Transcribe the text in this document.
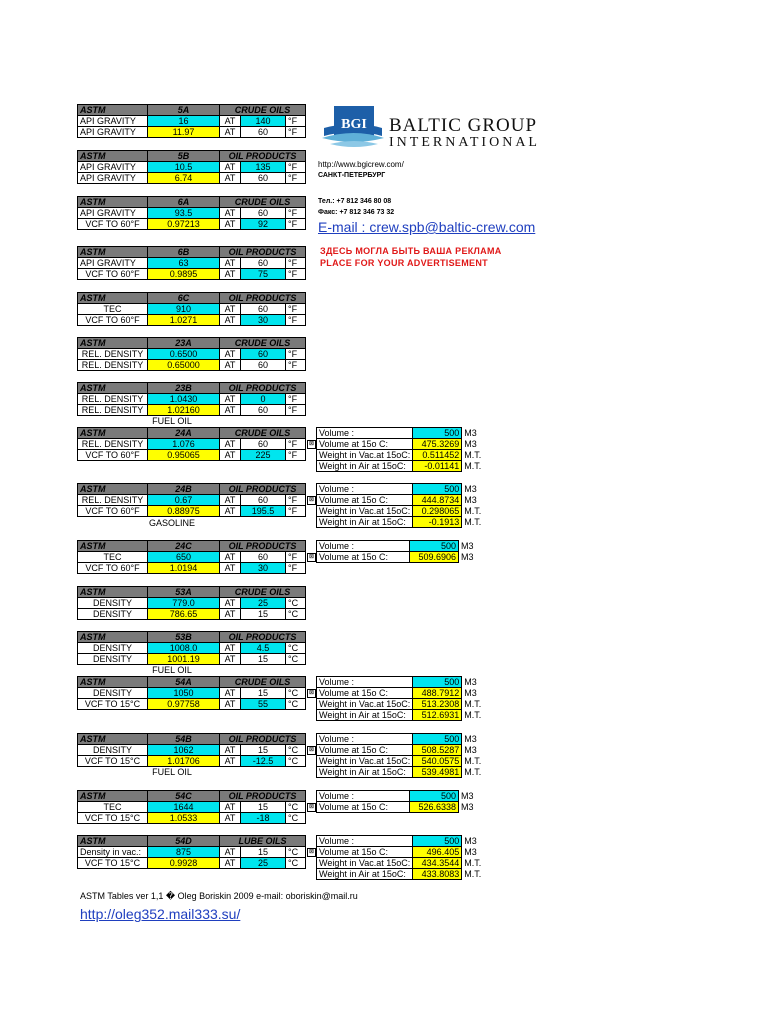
ASTM	5A	CRUDE OILS		
API GRAVITY	16	AT	140	°F
API GRAVITY	11.97	AT	60	°F
ASTM	5B	OIL PRODUCTS		
API GRAVITY	10.5	AT	135	°F
API GRAVITY	6.74	AT	60	°F
ASTM	6A	CRUDE OILS		
API GRAVITY	93.5	AT	60	°F
VCF TO 60°F	0.97213	AT	92	°F
ASTM	6B	OIL PRODUCTS		
API GRAVITY	63	AT	60	°F
VCF TO 60°F	0.9895	AT	75	°F
ASTM	6C	OIL PRODUCTS		
TEC	910	AT	60	°F
VCF TO 60°F	1.0271	AT	30	°F
ASTM	23A	CRUDE OILS		
REL. DENSITY	0.6500	AT	60	°F
REL. DENSITY	0.65000	AT	60	°F
ASTM	23B	OIL PRODUCTS		
REL. DENSITY	1.0430	AT	0	°F
REL. DENSITY	1.02160	AT	60	°F
ASTM	24A	CRUDE OILS		
REL. DENSITY	1.076	AT	60	°F
VCF TO 60°F	0.95065	AT	225	°F
ASTM	24B	OIL PRODUCTS		
REL. DENSITY	0.67	AT	60	°F
VCF TO 60°F	0.88975	AT	195.5	°F
ASTM	24C	OIL PRODUCTS		
TEC	650	AT	60	°F
VCF TO 60°F	1.0194	AT	30	°F
ASTM	53A	CRUDE OILS		
DENSITY	779.0	AT	25	°C
DENSITY	786.65	AT	15	°C
ASTM	53B	OIL PRODUCTS		
DENSITY	1008.0	AT	4.5	°C
DENSITY	1001.19	AT	15	°C
ASTM	54A	CRUDE OILS		
DENSITY	1050	AT	15	°C
VCF TO 15°C	0.97758	AT	55	°C
ASTM	54B	OIL PRODUCTS		
DENSITY	1062	AT	15	°C
VCF TO 15°C	1.01706	AT	-12.5	°C
ASTM	54C	OIL PRODUCTS		
TEC	1644	AT	15	°C
VCF TO 15°C	1.0533	AT	-18	°C
ASTM	54D	LUBE OILS		
Density in vac.:	875	AT	15	°C
VCF TO 15°C	0.9928	AT	25	°C
FUEL OIL
GASOLINE
FUEL OIL
FUEL OIL
Volume :	500	M3
Volume at 15o C:	475.3269	M3
Weight in Vac.at 15oC:	0.511452	M.T.
Weight in Air at 15oC:	-0.01141	M.T.
Volume :	500	M3
Volume at 15o C:	444.8734	M3
Weight in Vac.at 15oC:	0.298065	M.T.
Weight in Air at 15oC:	-0.1913	M.T.
Volume :	500	M3
Volume at 15o C:	509.6906	M3
Volume :	500	M3
Volume at 15o C:	488.7912	M3
Weight in Vac.at 15oC:	513.2308	M.T.
Weight in Air at 15oC:	512.6931	M.T.
Volume :	500	M3
Volume at 15o C:	508.5287	M3
Weight in Vac.at 15oC:	540.0575	M.T.
Weight in Air at 15oC:	539.4981	M.T.
Volume :	500	M3
Volume at 15o C:	526.6338	M3
Volume :	500	M3
Volume at 15o C:	496.405	M3
Weight in Vac.at 15oC:	434.3544	M.T.
Weight in Air at 15oC:	433.8083	M.T.
⊠
⊠
⊠
⊠
⊠
⊠
⊠
BGI BALTIC GROUP
INTERNATIONAL
http://www.bgicrew.com/
САНКТ-ПЕТЕРБУРГ
Тел.: +7 812 346 80 08
Факс: +7 812 346 73 32
E-mail : crew.spb@baltic-crew.com
ЗДЕСЬ МОГЛА БЫТЬ ВАША РЕКЛАМА
PLACE FOR YOUR ADVERTISEMENT
ASTM Tables ver 1,1 � Oleg Boriskin 2009 e-mail: oboriskin@mail.ru
http://oleg352.mail333.su/
